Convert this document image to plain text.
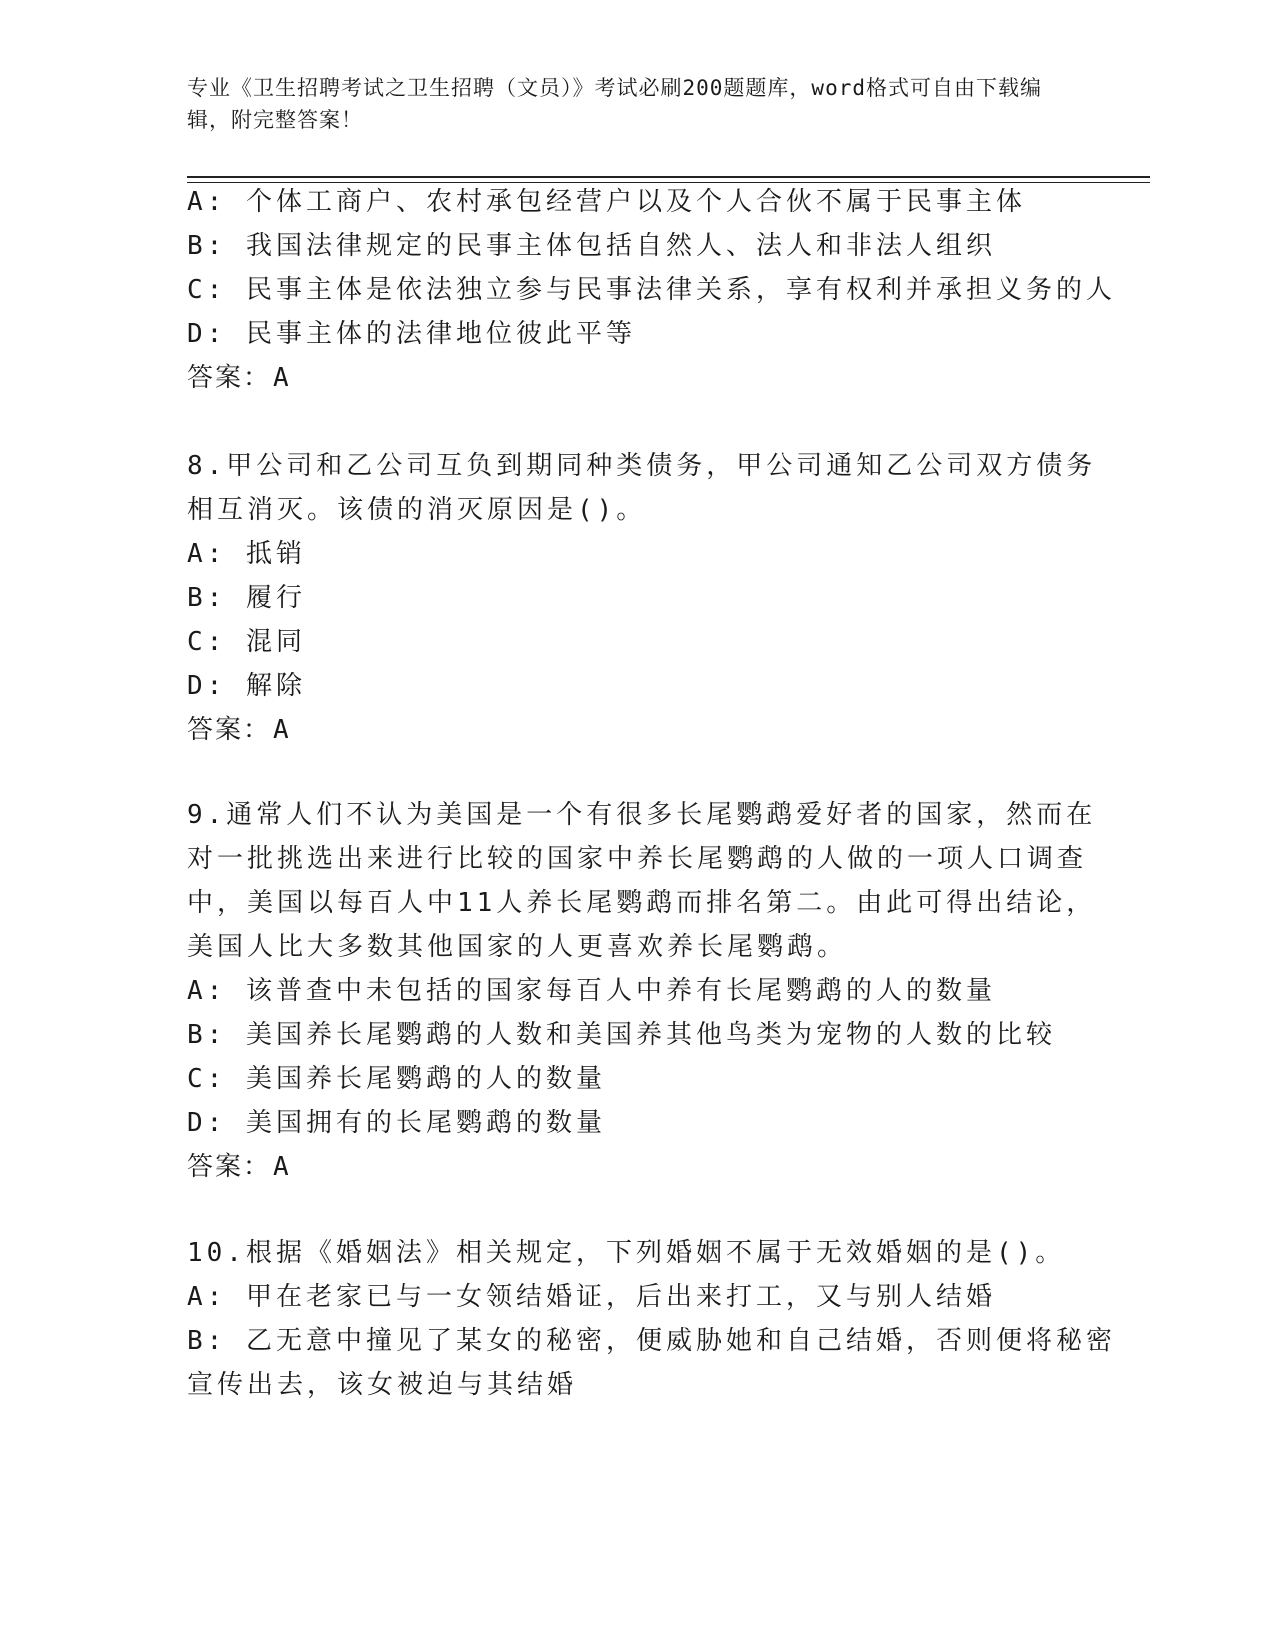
专业《卫生招聘考试之卫生招聘（文员）》考试必刷200题题库，word格式可自由下载编辑，附完整答案！
A: 个体工商户、农村承包经营户以及个人合伙不属于民事主体
B: 我国法律规定的民事主体包括自然人、法人和非法人组织
C: 民事主体是依法独立参与民事法律关系，享有权利并承担义务的人
D: 民事主体的法律地位彼此平等
答案：A
8.甲公司和乙公司互负到期同种类债务，甲公司通知乙公司双方债务
相互消灭。该债的消灭原因是()。
A: 抵销
B: 履行
C: 混同
D: 解除
答案：A
9.通常人们不认为美国是一个有很多长尾鹦鹉爱好者的国家，然而在
对一批挑选出来进行比较的国家中养长尾鹦鹉的人做的一项人口调查
中，美国以每百人中11人养长尾鹦鹉而排名第二。由此可得出结论，
美国人比大多数其他国家的人更喜欢养长尾鹦鹉。
A: 该普查中未包括的国家每百人中养有长尾鹦鹉的人的数量
B: 美国养长尾鹦鹉的人数和美国养其他鸟类为宠物的人数的比较
C: 美国养长尾鹦鹉的人的数量
D: 美国拥有的长尾鹦鹉的数量
答案：A
10.根据《婚姻法》相关规定，下列婚姻不属于无效婚姻的是()。
A: 甲在老家已与一女领结婚证，后出来打工，又与别人结婚
B: 乙无意中撞见了某女的秘密，便威胁她和自己结婚，否则便将秘密
宣传出去，该女被迫与其结婚
